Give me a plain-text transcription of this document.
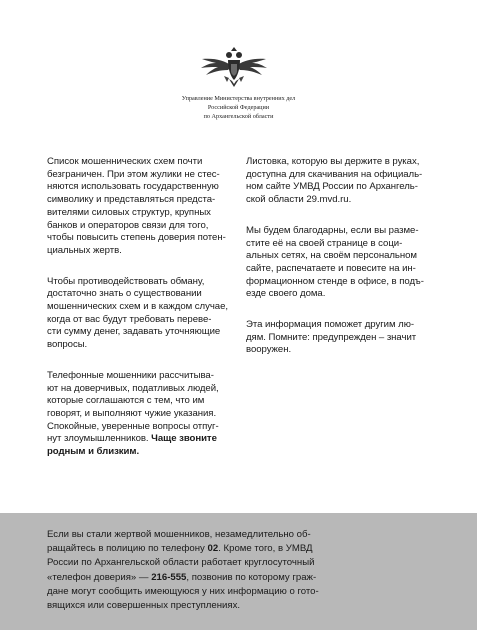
Управление Министерства внутренних дел
Российской Федерации
по Архангельской области
Список мошеннических схем почти
безграничен. При этом жулики не стес-
няются использовать государственную
символику и представляться предста-
вителями силовых структур, крупных
банков и операторов связи для того,
чтобы повысить степень доверия потен-
циальных жертв.
Чтобы противодействовать обману,
достаточно знать о существовании
мошеннических схем и в каждом случае,
когда от вас будут требовать переве-
сти сумму денег, задавать уточняющие
вопросы.
Телефонные мошенники рассчитыва-
ют на доверчивых, податливых людей,
которые соглашаются с тем, что им
говорят, и выполняют чужие указания.
Спокойные, уверенные вопросы отпуг-
нут злоумышленников. Чаще звоните
родным и близким.
Листовка, которую вы держите в руках,
доступна для скачивания на официаль-
ном сайте УМВД России по Архангель-
ской области 29.mvd.ru.
Мы будем благодарны, если вы разме-
стите её на своей странице в соци-
альных сетях, на своём персональном
сайте, распечатаете и повесите на ин-
формационном стенде в офисе, в подъ-
езде своего дома.
Эта информация поможет другим лю-
дям. Помните: предупрежден – значит
вооружен.
Если вы стали жертвой мошенников, незамедлительно об-
ращайтесь в полицию по телефону 02. Кроме того, в УМВД
России по Архангельской области работает круглосуточный
«телефон доверия» — 216-555, позвонив по которому граж-
дане могут сообщить имеющуюся у них информацию о гото-
вящихся или совершенных преступлениях.
